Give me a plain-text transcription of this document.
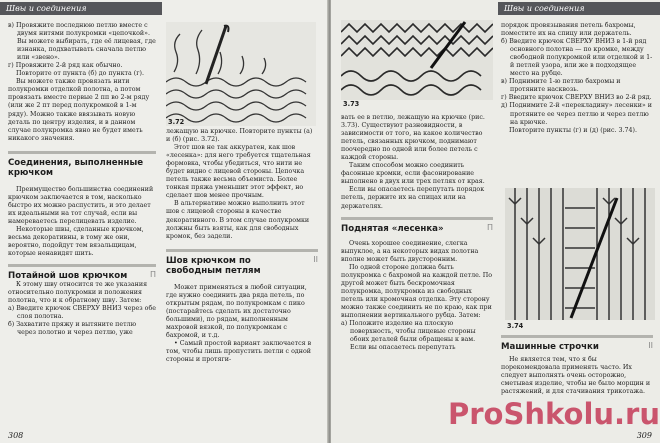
Швы и соединения

в) Провяжите последнюю петлю вместе с двумя нитями полукромки «цепочкой». Вы можете выбирать, где её лицевая, где изнанка, подхватывать сначала петлю или «звено».

г) Провяжите 2-й ряд как обычно.

Повторите от пункта (б) до пункта (г).

Вы можете также провязать нити полукромки отделкой полотна, а потом провязать вместе первые 2 пп во 2-м ряду (или же 2 пт перед полукромкой в 1-м ряду). Можно также ввязывать новую деталь по центру изделия, и в данном случае полукромка явно не будет иметь никакого значения.

Соединения, выполненные крючком

Преимущество большинства соединений крючком заключается в том, насколько быстро их можно распустить, и это делает их идеальными на тот случай, если вы намереваетесь перелицевать изделие.

Некоторые швы, сделанные крючком, весьма декоративны, в тому же они, вероятно, подойдут тем вязальщицам, которые ненавидят шить.

Потайной шов крючком	П

К этому шву относится те же указания относительно полукромки и положения полотна, что и к обратному шву. Затем:

а) Введите крючок СВЕРХУ ВНИЗ через обе слоя полотна.

б) Захватите пряжу и вытяните петлю через полотно и через петлю, уже

3.72

лежащую на крючке. Повторите пункты (а) и (б) (рис. 3.72).

Этот шов не так аккуратен, как шов «лесенка»: для него требуется тщательная формовка, чтобы убедиться, что нити не будет видно с лицевой стороны. Цепочка петель также весьма объемиста. Более тонкая пряжа уменьшит этот эффект, но сделает шов менее прочным.

В альтернативе можно выполнить этот шов с лицевой стороны в качестве декоративного. В этом случае полукромки должны быть взяты, как для свободных кромок, без задели.

Шов крючком по свободным петлям
II

Может применяться в любой ситуации, где нужно соединить два ряда петель, по открытым рядам, по полукромкам с пико (постарайтесь сделать их достаточно большими), по рядам, выполненным махровой вязкой, по полукромкам с бахромой, и т.д.

• Самый простой вариант заключается в том, чтобы лишь пропустить петли с одной стороны и протяги-

308
Швы и соединения
3.73

вать ее в петлю, лежащую на крючке (рис. 3.73). Существуют разновидности, в зависимости от того, на какое количество петель, связанных крючком, поднимают поочередно по одной или более петель с каждой стороны.

Таким способом можно соединить фасонные кромки, если фасонирование выполнено в двух или трех петлях от края.

Если вы опасаетесь перепутать порядок петель, держите их на спицах или на держателях.

Поднятая «лесенка»	П

Очень хорошее соединение, слегка выпуклое, а на некоторых видах полотна вполне может быть двусторонним.

По одной стороне должна быть полукромка с бахромой на каждой петле. По другой может быть бескромочная полукромка, полукромка из свободных петель или кромочная отделка. Эту сторону можно также соединить не по краю, как при выполнении вертикального рубца. Затем:

а) Положите изделие на плоскую поверхность, чтобы лицевые стороны обоих деталей были обращены к вам. Если вы опасаетесь перепутать

порядок провязывания петель бахромы, поместите их на спицу или держатель.

б) Введите крючок СВЕРХУ ВНИЗ в 1-й ряд основного полотна — по кромке, между свободной полукромкой или отделкой и 1-й петлей узора, или же в подходящее место на рубце.

в) Поднимите 1-ю петлю бахромы и протяните насквозь.

г) Введите крючок СВЕРХУ ВНИЗ во 2-й ряд.

д) Поднимите 2-й «перекладину» лесенки» и протяните ее через петлю и через петлю на крючке.

Повторите пункты (г) и (д) (рис. 3.74).

3.74
Машинные строчки	II

Не является тем, что я бы порекомендовала применять часто. Их следует выполнять очень осторожно, сметывая изделие, чтобы не было морщин и растяжений, и для стачивания трикотажа.

309
ProShkolu.ru
